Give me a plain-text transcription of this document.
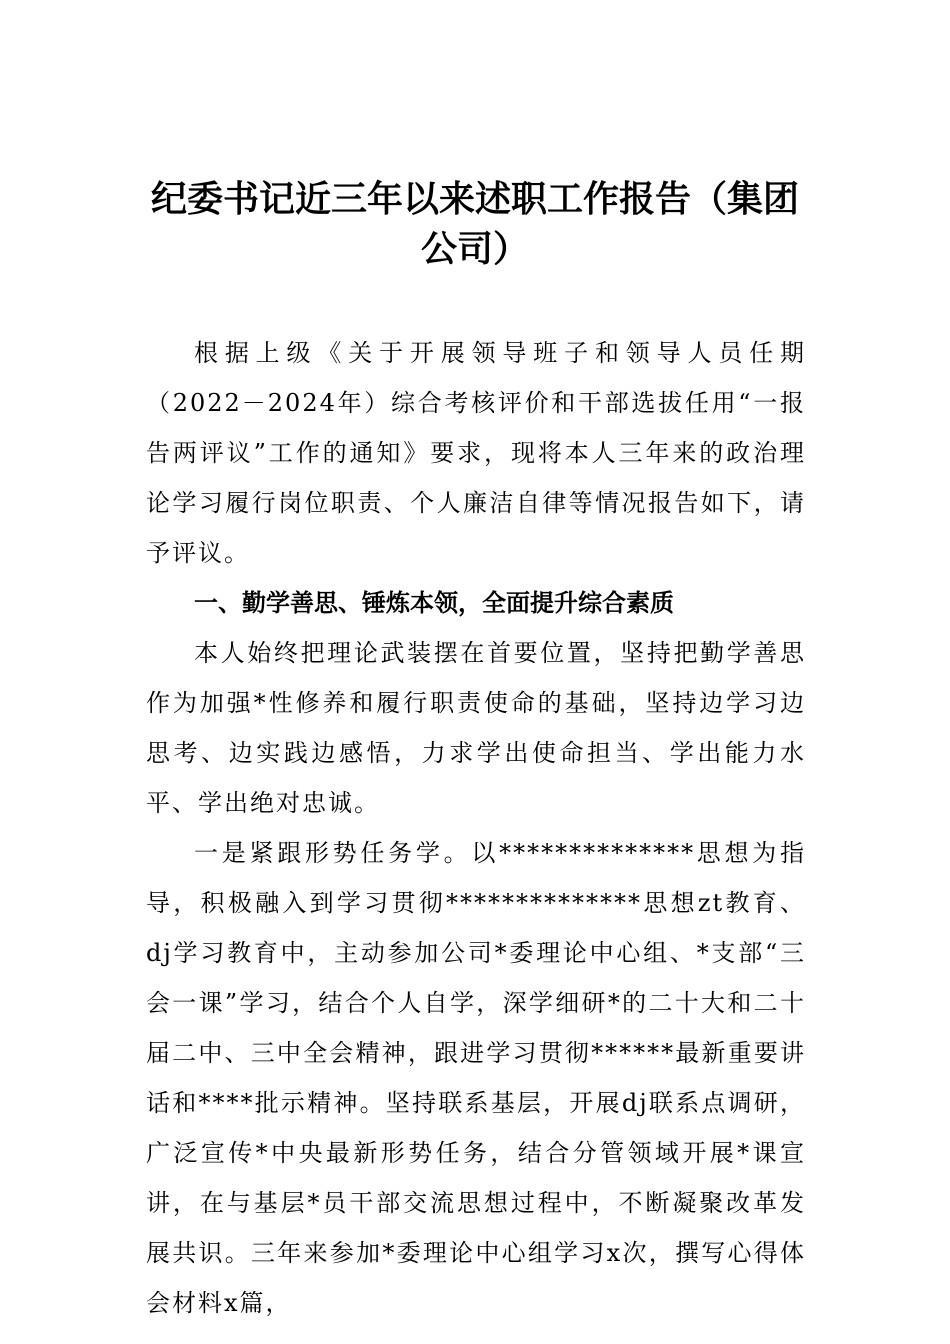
纪委书记近三年以来述职工作报告（集团公司）

根据上级《关于开展领导班子和领导人员任期（2022－2024年）综合考核评价和干部选拔任用“一报告两评议”工作的通知》要求，现将本人三年来的政治理论学习履行岗位职责、个人廉洁自律等情况报告如下，请予评议。

一、勤学善思、锤炼本领，全面提升综合素质

本人始终把理论武装摆在首要位置，坚持把勤学善思作为加强*性修养和履行职责使命的基础，坚持边学习边思考、边实践边感悟，力求学出使命担当、学出能力水平、学出绝对忠诚。

一是紧跟形势任务学。以**************思想为指导，积极融入到学习贯彻**************思想zt教育、dj学习教育中，主动参加公司*委理论中心组、*支部“三会一课”学习，结合个人自学，深学细研*的二十大和二十届二中、三中全会精神，跟进学习贯彻******最新重要讲话和****批示精神。坚持联系基层，开展dj联系点调研，广泛宣传*中央最新形势任务，结合分管领域开展*课宣讲，在与基层*员干部交流思想过程中，不断凝聚改革发展共识。三年来参加*委理论中心组学习x次，撰写心得体会材料x篇，
